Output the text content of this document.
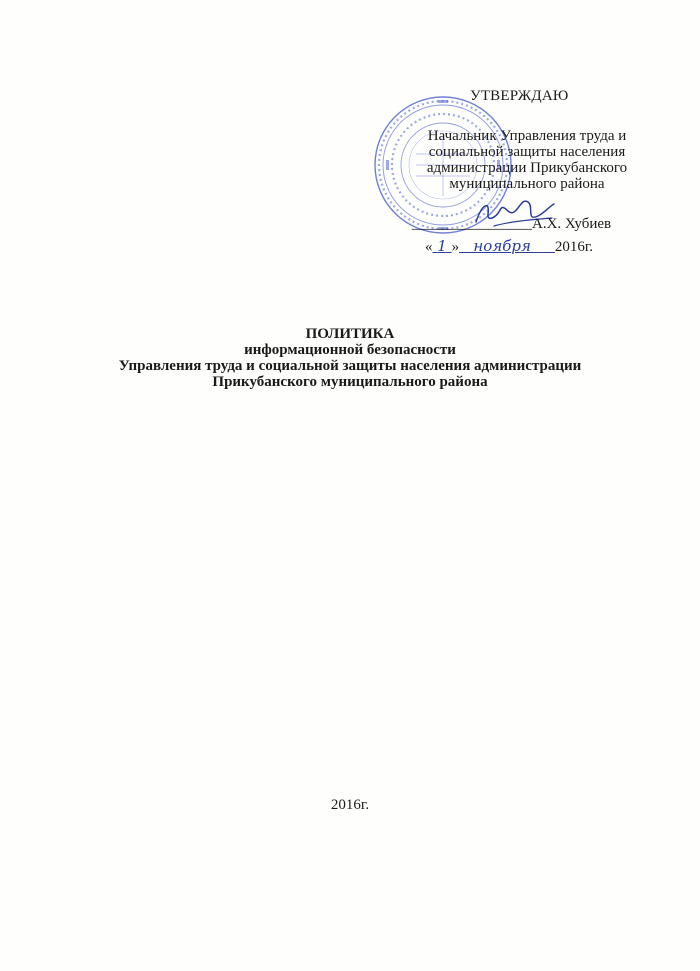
УТВЕРЖДАЮ
Начальник Управления труда и
социальной защиты населения
администрации Прикубанского
муниципального района
________________А.Х. Хубиев
« 1 » ноября 2016г.
ПОЛИТИКА
информационной безопасности
Управления труда и социальной защиты населения администрации
Прикубанского муниципального района
2016г.
